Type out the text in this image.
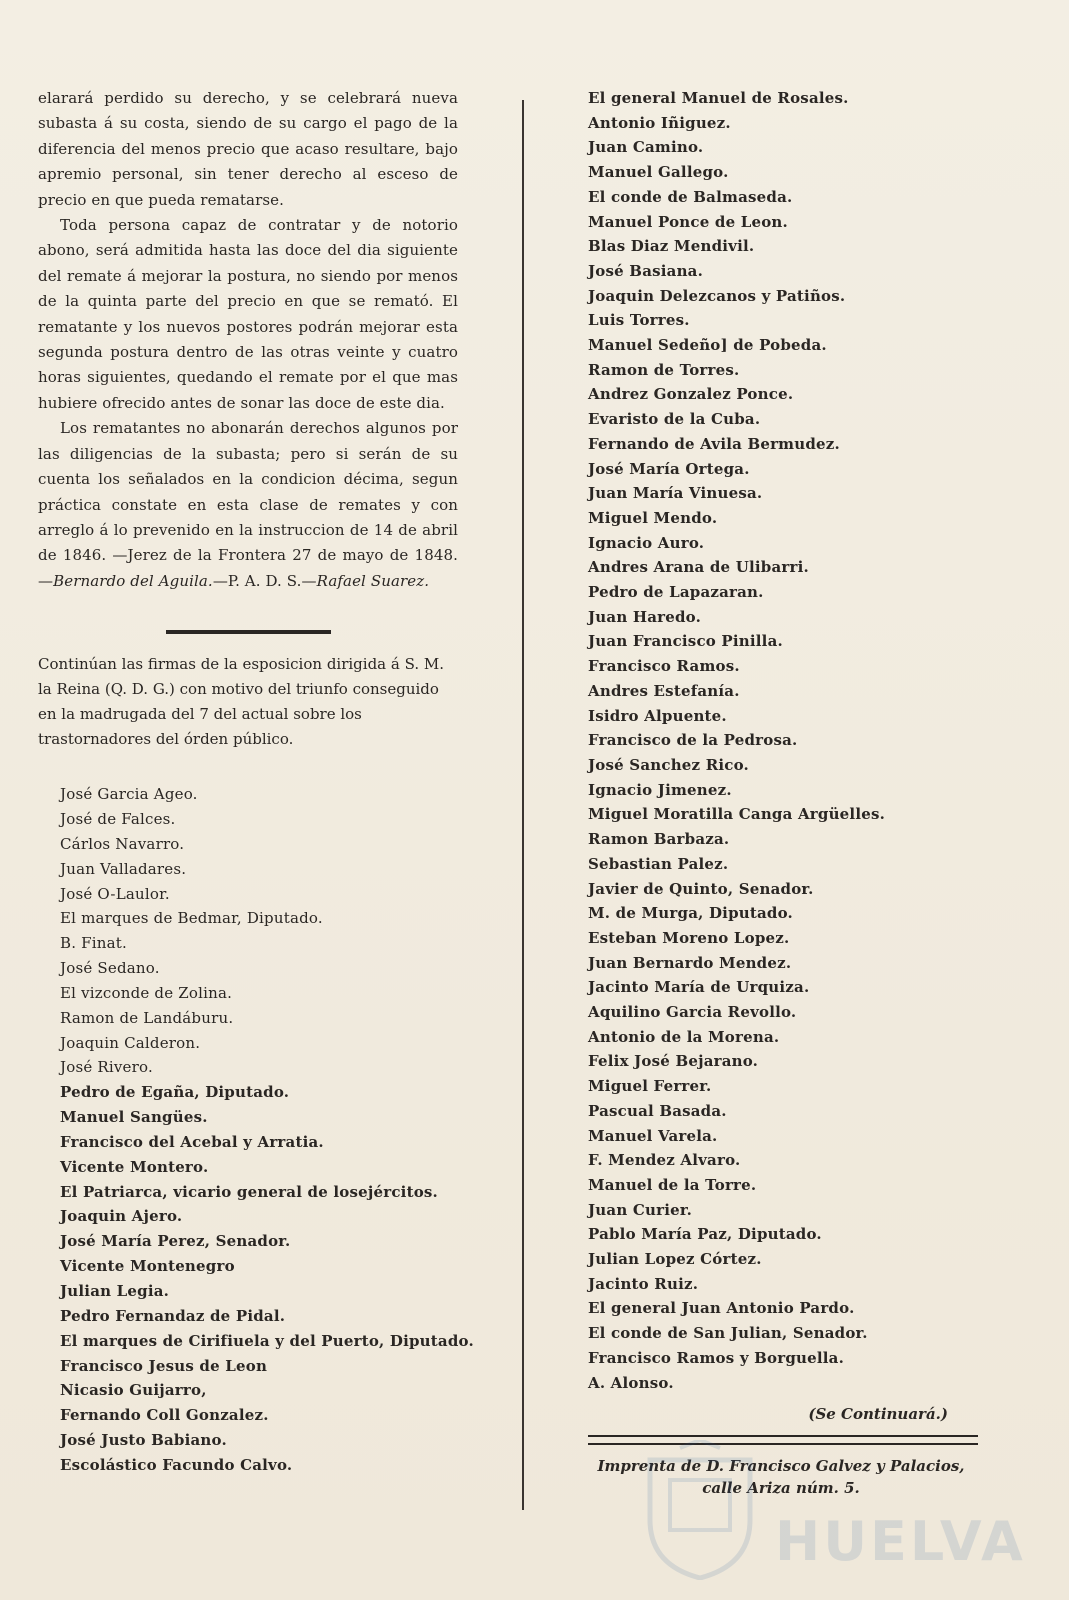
elarará perdido su derecho, y se celebrará nueva subasta á su costa, siendo de su cargo el pago de la diferencia del menos precio que acaso resultare, bajo apremio personal, sin tener derecho al esceso de precio en que pueda rematarse.

Toda persona capaz de contratar y de notorio abono, será admitida hasta las doce del dia siguiente del remate á mejorar la postura, no siendo por menos de la quinta parte del precio en que se remató. El rematante y los nuevos postores podrán mejorar esta segunda postura dentro de las otras veinte y cuatro horas siguientes, quedando el remate por el que mas hubiere ofrecido antes de sonar las doce de este dia.

Los rematantes no abonarán derechos algunos por las diligencias de la subasta; pero si serán de su cuenta los señalados en la condicion décima, segun práctica constate en esta clase de remates y con arreglo á lo prevenido en la instruccion de 14 de abril de 1846. —Jerez de la Frontera 27 de mayo de 1848.—Bernardo del Aguila.—P. A. D. S.—Rafael Suarez.

Continúan las firmas de la esposicion dirigida á S. M. la Reina (Q. D. G.) con motivo del triunfo conseguido en la madrugada del 7 del actual sobre los trastornadores del órden público.

José Garcia Ageo.
José de Falces.
Cárlos Navarro.
Juan Valladares.
José O-Laulor.
El marques de Bedmar, Diputado.
B. Finat.
José Sedano.
El vizconde de Zolina.
Ramon de Landáburu.
Joaquin Calderon.
José Rivero.
Pedro de Egaña, Diputado.
Manuel Sangües.
Francisco del Acebal y Arratia.
Vicente Montero.
El Patriarca, vicario general de losejércitos.
Joaquin Ajero.
José María Perez, Senador.
Vicente Montenegro
Julian Legia.
Pedro Fernandaz de Pidal.
El marques de Cirifiuela y del Puerto, Diputado.
Francisco Jesus de Leon
Nicasio Guijarro,
Fernando Coll Gonzalez.
José Justo Babiano.
Escolástico Facundo Calvo.
El general Manuel de Rosales.
Antonio Iñiguez.
Juan Camino.
Manuel Gallego.
El conde de Balmaseda.
Manuel Ponce de Leon.
Blas Diaz Mendivil.
José Basiana.
Joaquin Delezcanos y Patiños.
Luis Torres.
Manuel Sedeño] de Pobeda.
Ramon de Torres.
Andrez Gonzalez Ponce.
Evaristo de la Cuba.
Fernando de Avila Bermudez.
José María Ortega.
Juan María Vinuesa.
Miguel Mendo.
Ignacio Auro.
Andres Arana de Ulibarri.
Pedro de Lapazaran.
Juan Haredo.
Juan Francisco Pinilla.
Francisco Ramos.
Andres Estefanía.
Isidro Alpuente.
Francisco de la Pedrosa.
José Sanchez Rico.
Ignacio Jimenez.
Miguel Moratilla Canga Argüelles.
Ramon Barbaza.
Sebastian Palez.
Javier de Quinto, Senador.
M. de Murga, Diputado.
Esteban Moreno Lopez.
Juan Bernardo Mendez.
Jacinto María de Urquiza.
Aquilino Garcia Revollo.
Antonio de la Morena.
Felix José Bejarano.
Miguel Ferrer.
Pascual Basada.
Manuel Varela.
F. Mendez Alvaro.
Manuel de la Torre.
Juan Curier.
Pablo María Paz, Diputado.
Julian Lopez Córtez.
Jacinto Ruiz.
El general Juan Antonio Pardo.
El conde de San Julian, Senador.
Francisco Ramos y Borguella.
A. Alonso.
(Se Continuará.)
Imprenta de D. Francisco Galvez y Palacios, calle Ariza núm. 5.
HUELVA
